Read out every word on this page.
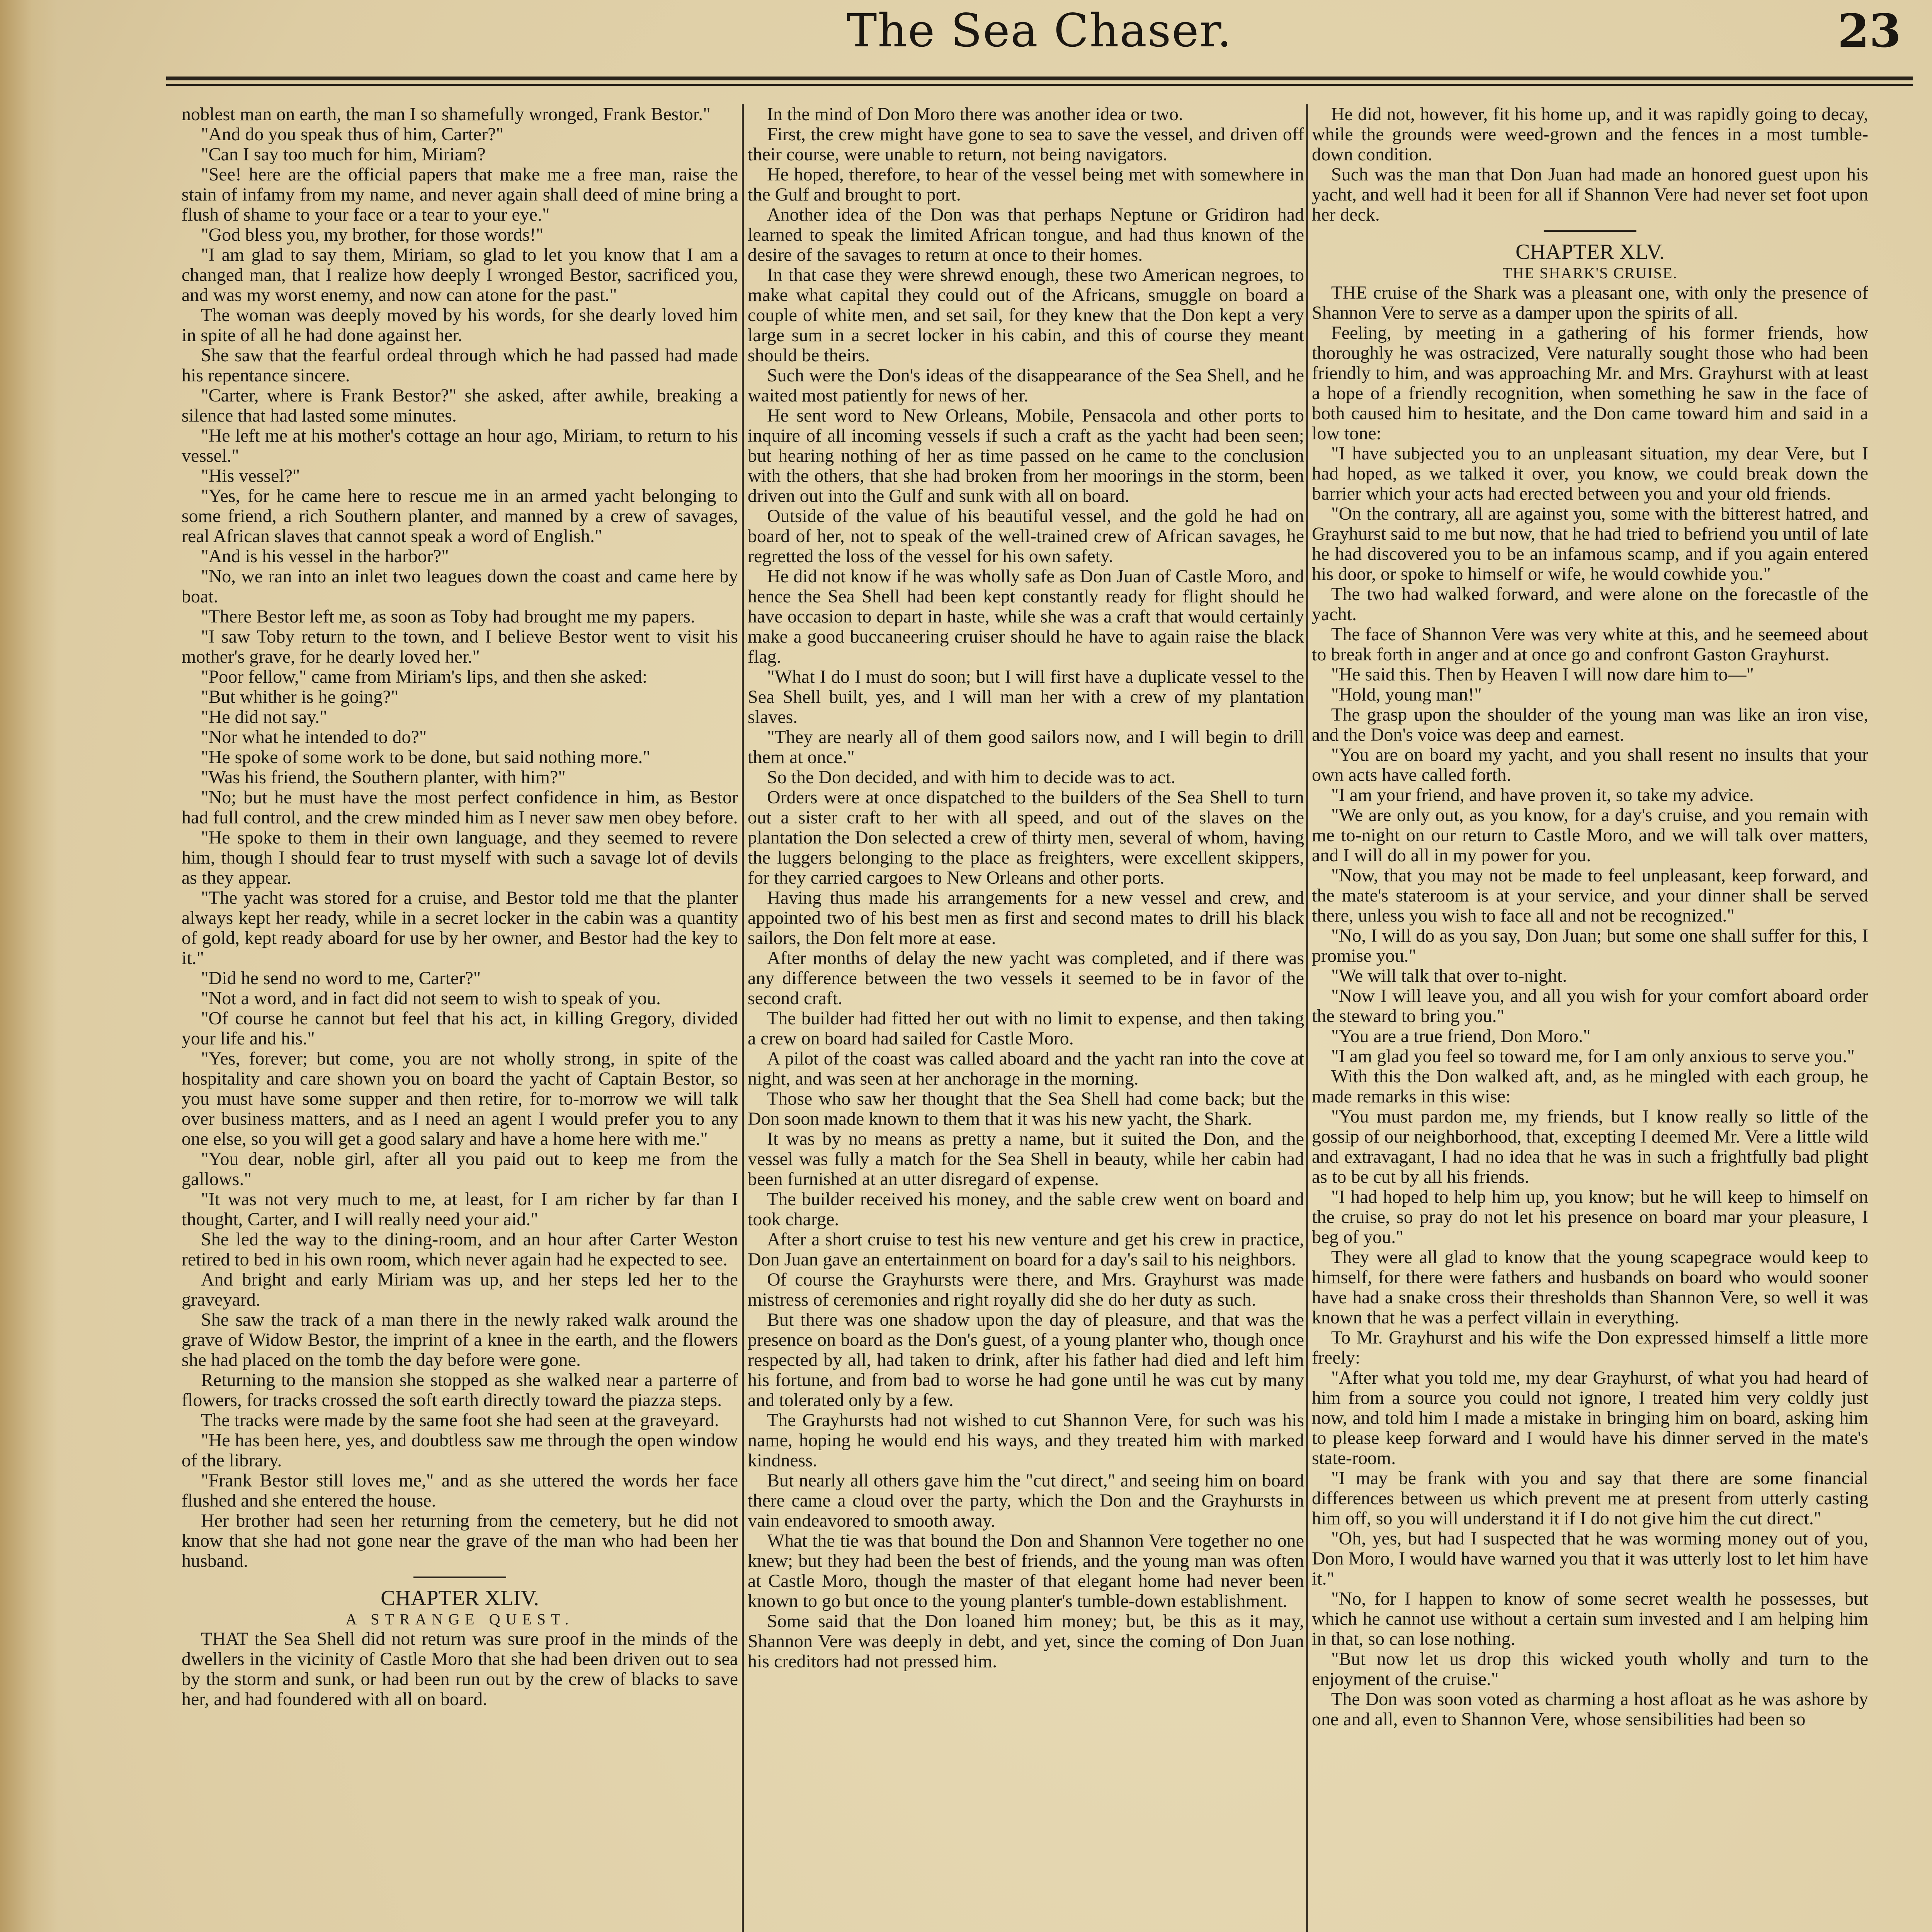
The Sea Chaser.	23

noblest man on earth, the man I so shamefully wronged, Frank Bestor."

"And do you speak thus of him, Carter?"

"Can I say too much for him, Miriam?

"See! here are the official papers that make me a free man, raise the stain of infamy from my name, and never again shall deed of mine bring a flush of shame to your face or a tear to your eye."

"God bless you, my brother, for those words!"

"I am glad to say them, Miriam, so glad to let you know that I am a changed man, that I realize how deeply I wronged Bestor, sacrificed you, and was my worst enemy, and now can atone for the past."

The woman was deeply moved by his words, for she dearly loved him in spite of all he had done against her.

She saw that the fearful ordeal through which he had passed had made his repentance sincere.

"Carter, where is Frank Bestor?" she asked, after awhile, breaking a silence that had lasted some minutes.

"He left me at his mother's cottage an hour ago, Miriam, to return to his vessel."

"His vessel?"

"Yes, for he came here to rescue me in an armed yacht belonging to some friend, a rich Southern planter, and manned by a crew of savages, real African slaves that cannot speak a word of English."

"And is his vessel in the harbor?"

"No, we ran into an inlet two leagues down the coast and came here by boat.

"There Bestor left me, as soon as Toby had brought me my papers.

"I saw Toby return to the town, and I believe Bestor went to visit his mother's grave, for he dearly loved her."

"Poor fellow," came from Miriam's lips, and then she asked:

"But whither is he going?"

"He did not say."

"Nor what he intended to do?"

"He spoke of some work to be done, but said nothing more."

"Was his friend, the Southern planter, with him?"

"No; but he must have the most perfect confidence in him, as Bestor had full control, and the crew minded him as I never saw men obey before.

"He spoke to them in their own language, and they seemed to revere him, though I should fear to trust myself with such a savage lot of devils as they appear.

"The yacht was stored for a cruise, and Bestor told me that the planter always kept her ready, while in a secret locker in the cabin was a quantity of gold, kept ready aboard for use by her owner, and Bestor had the key to it."

"Did he send no word to me, Carter?"

"Not a word, and in fact did not seem to wish to speak of you.

"Of course he cannot but feel that his act, in killing Gregory, divided your life and his."

"Yes, forever; but come, you are not wholly strong, in spite of the hospitality and care shown you on board the yacht of Captain Bestor, so you must have some supper and then retire, for to-morrow we will talk over business matters, and as I need an agent I would prefer you to any one else, so you will get a good salary and have a home here with me."

"You dear, noble girl, after all you paid out to keep me from the gallows."

"It was not very much to me, at least, for I am richer by far than I thought, Carter, and I will really need your aid."

She led the way to the dining-room, and an hour after Carter Weston retired to bed in his own room, which never again had he expected to see.

And bright and early Miriam was up, and her steps led her to the graveyard.

She saw the track of a man there in the newly raked walk around the grave of Widow Bestor, the imprint of a knee in the earth, and the flowers she had placed on the tomb the day before were gone.

Returning to the mansion she stopped as she walked near a parterre of flowers, for tracks crossed the soft earth directly toward the piazza steps.

The tracks were made by the same foot she had seen at the graveyard.

"He has been here, yes, and doubtless saw me through the open window of the library.

"Frank Bestor still loves me," and as she uttered the words her face flushed and she entered the house.

Her brother had seen her returning from the cemetery, but he did not know that she had not gone near the grave of the man who had been her husband.

CHAPTER XLIV.
A STRANGE QUEST.

THAT the Sea Shell did not return was sure proof in the minds of the dwellers in the vicinity of Castle Moro that she had been driven out to sea by the storm and sunk, or had been run out by the crew of blacks to save her, and had foundered with all on board.

In the mind of Don Moro there was another idea or two.

First, the crew might have gone to sea to save the vessel, and driven off their course, were unable to return, not being navigators.

He hoped, therefore, to hear of the vessel being met with somewhere in the Gulf and brought to port.

Another idea of the Don was that perhaps Neptune or Gridiron had learned to speak the limited African tongue, and had thus known of the desire of the savages to return at once to their homes.

In that case they were shrewd enough, these two American negroes, to make what capital they could out of the Africans, smuggle on board a couple of white men, and set sail, for they knew that the Don kept a very large sum in a secret locker in his cabin, and this of course they meant should be theirs.

Such were the Don's ideas of the disappearance of the Sea Shell, and he waited most patiently for news of her.

He sent word to New Orleans, Mobile, Pensacola and other ports to inquire of all incoming vessels if such a craft as the yacht had been seen; but hearing nothing of her as time passed on he came to the conclusion with the others, that she had broken from her moorings in the storm, been driven out into the Gulf and sunk with all on board.

Outside of the value of his beautiful vessel, and the gold he had on board of her, not to speak of the well-trained crew of African savages, he regretted the loss of the vessel for his own safety.

He did not know if he was wholly safe as Don Juan of Castle Moro, and hence the Sea Shell had been kept constantly ready for flight should he have occasion to depart in haste, while she was a craft that would certainly make a good buccaneering cruiser should he have to again raise the black flag.

"What I do I must do soon; but I will first have a duplicate vessel to the Sea Shell built, yes, and I will man her with a crew of my plantation slaves.

"They are nearly all of them good sailors now, and I will begin to drill them at once."

So the Don decided, and with him to decide was to act.

Orders were at once dispatched to the builders of the Sea Shell to turn out a sister craft to her with all speed, and out of the slaves on the plantation the Don selected a crew of thirty men, several of whom, having the luggers belonging to the place as freighters, were excellent skippers, for they carried cargoes to New Orleans and other ports.

Having thus made his arrangements for a new vessel and crew, and appointed two of his best men as first and second mates to drill his black sailors, the Don felt more at ease.

After months of delay the new yacht was completed, and if there was any difference between the two vessels it seemed to be in favor of the second craft.

The builder had fitted her out with no limit to expense, and then taking a crew on board had sailed for Castle Moro.

A pilot of the coast was called aboard and the yacht ran into the cove at night, and was seen at her anchorage in the morning.

Those who saw her thought that the Sea Shell had come back; but the Don soon made known to them that it was his new yacht, the Shark.

It was by no means as pretty a name, but it suited the Don, and the vessel was fully a match for the Sea Shell in beauty, while her cabin had been furnished at an utter disregard of expense.

The builder received his money, and the sable crew went on board and took charge.

After a short cruise to test his new venture and get his crew in practice, Don Juan gave an entertainment on board for a day's sail to his neighbors.

Of course the Grayhursts were there, and Mrs. Grayhurst was made mistress of ceremonies and right royally did she do her duty as such.

But there was one shadow upon the day of pleasure, and that was the presence on board as the Don's guest, of a young planter who, though once respected by all, had taken to drink, after his father had died and left him his fortune, and from bad to worse he had gone until he was cut by many and tolerated only by a few.

The Grayhursts had not wished to cut Shannon Vere, for such was his name, hoping he would end his ways, and they treated him with marked kindness.

But nearly all others gave him the "cut direct," and seeing him on board there came a cloud over the party, which the Don and the Grayhursts in vain endeavored to smooth away.

What the tie was that bound the Don and Shannon Vere together no one knew; but they had been the best of friends, and the young man was often at Castle Moro, though the master of that elegant home had never been known to go but once to the young planter's tumble-down establishment.

Some said that the Don loaned him money; but, be this as it may, Shannon Vere was deeply in debt, and yet, since the coming of Don Juan his creditors had not pressed him.

He did not, however, fit his home up, and it was rapidly going to decay, while the grounds were weed-grown and the fences in a most tumble-down condition.

Such was the man that Don Juan had made an honored guest upon his yacht, and well had it been for all if Shannon Vere had never set foot upon her deck.

CHAPTER XLV.
THE SHARK'S CRUISE.

THE cruise of the Shark was a pleasant one, with only the presence of Shannon Vere to serve as a damper upon the spirits of all.

Feeling, by meeting in a gathering of his former friends, how thoroughly he was ostracized, Vere naturally sought those who had been friendly to him, and was approaching Mr. and Mrs. Grayhurst with at least a hope of a friendly recognition, when something he saw in the face of both caused him to hesitate, and the Don came toward him and said in a low tone:

"I have subjected you to an unpleasant situation, my dear Vere, but I had hoped, as we talked it over, you know, we could break down the barrier which your acts had erected between you and your old friends.

"On the contrary, all are against you, some with the bitterest hatred, and Grayhurst said to me but now, that he had tried to befriend you until of late he had discovered you to be an infamous scamp, and if you again entered his door, or spoke to himself or wife, he would cowhide you."

The two had walked forward, and were alone on the forecastle of the yacht.

The face of Shannon Vere was very white at this, and he seemeed about to break forth in anger and at once go and confront Gaston Grayhurst.

"He said this. Then by Heaven I will now dare him to—"

"Hold, young man!"

The grasp upon the shoulder of the young man was like an iron vise, and the Don's voice was deep and earnest.

"You are on board my yacht, and you shall resent no insults that your own acts have called forth.

"I am your friend, and have proven it, so take my advice.

"We are only out, as you know, for a day's cruise, and you remain with me to-night on our return to Castle Moro, and we will talk over matters, and I will do all in my power for you.

"Now, that you may not be made to feel unpleasant, keep forward, and the mate's stateroom is at your service, and your dinner shall be served there, unless you wish to face all and not be recognized."

"No, I will do as you say, Don Juan; but some one shall suffer for this, I promise you."

"We will talk that over to-night.

"Now I will leave you, and all you wish for your comfort aboard order the steward to bring you."

"You are a true friend, Don Moro."

"I am glad you feel so toward me, for I am only anxious to serve you."

With this the Don walked aft, and, as he mingled with each group, he made remarks in this wise:

"You must pardon me, my friends, but I know really so little of the gossip of our neighborhood, that, excepting I deemed Mr. Vere a little wild and extravagant, I had no idea that he was in such a frightfully bad plight as to be cut by all his friends.

"I had hoped to help him up, you know; but he will keep to himself on the cruise, so pray do not let his presence on board mar your pleasure, I beg of you."

They were all glad to know that the young scapegrace would keep to himself, for there were fathers and husbands on board who would sooner have had a snake cross their thresholds than Shannon Vere, so well it was known that he was a perfect villain in everything.

To Mr. Grayhurst and his wife the Don expressed himself a little more freely:

"After what you told me, my dear Grayhurst, of what you had heard of him from a source you could not ignore, I treated him very coldly just now, and told him I made a mistake in bringing him on board, asking him to please keep forward and I would have his dinner served in the mate's state-room.

"I may be frank with you and say that there are some financial differences between us which prevent me at present from utterly casting him off, so you will understand it if I do not give him the cut direct."

"Oh, yes, but had I suspected that he was worming money out of you, Don Moro, I would have warned you that it was utterly lost to let him have it."

"No, for I happen to know of some secret wealth he possesses, but which he cannot use without a certain sum invested and I am helping him in that, so can lose nothing.

"But now let us drop this wicked youth wholly and turn to the enjoyment of the cruise."

The Don was soon voted as charming a host afloat as he was ashore by one and all, even to Shannon Vere, whose sensibilities had been so
